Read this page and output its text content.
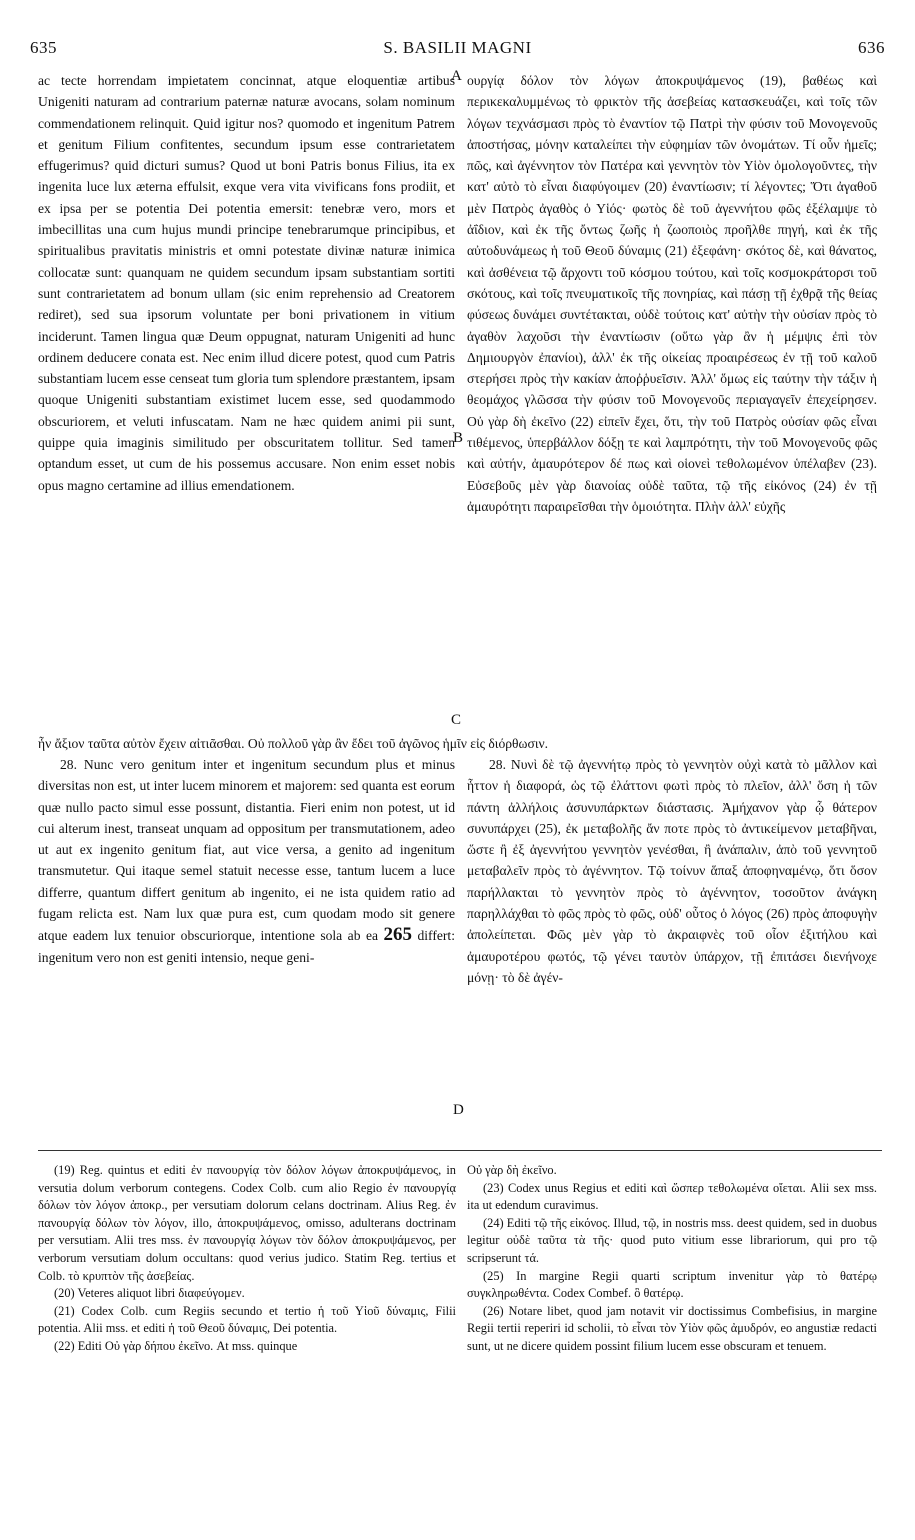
635	S. BASILII MAGNI	636
A
B
C
D

ac tecte horrendam impietatem concinnat, atque eloquentiæ artibus Unigeniti naturam ad contrarium paternæ naturæ avocans, solam nominum commendationem relinquit. Quid igitur nos? quomodo et ingenitum Patrem et genitum Filium confitentes, secundum ipsum esse contrarietatem effugerimus? quid dicturi sumus? Quod ut boni Patris bonus Filius, ita ex ingenita luce lux æterna effulsit, exque vera vita vivificans fons prodiit, et ex ipsa per se potentia Dei potentia emersit: tenebræ vero, mors et imbecillitas una cum hujus mundi principe tenebrarumque principibus, et spiritualibus pravitatis ministris et omni potestate divinæ naturæ inimica collocatæ sunt: quanquam ne quidem secundum ipsam substantiam sortiti sunt contrarietatem ad bonum ullam (sic enim reprehensio ad Creatorem rediret), sed sua ipsorum voluntate per boni privationem in vitium inciderunt. Tamen lingua quæ Deum oppugnat, naturam Unigeniti ad hunc ordinem deducere conata est. Nec enim illud dicere potest, quod cum Patris substantiam lucem esse censeat tum gloria tum splendore præstantem, ipsam quoque Unigeniti substantiam existimet lucem esse, sed quodammodo obscuriorem, et veluti infuscatam. Nam ne hæc quidem animi pii sunt, quippe quia imaginis similitudo per obscuritatem tollitur. Sed tamen optandum esset, ut cum de his possemus accusare. Non enim esset nobis opus magno certamine ad illius emendationem.

ουργίᾳ δόλον τὸν λόγων ἀποκρυψάμενος (19), βαθέως καὶ περικεκαλυμμένως τὸ φρικτὸν τῆς ἀσεβείας κατασκευάζει, καὶ τοῖς τῶν λόγων τεχνάσμασι πρὸς τὸ ἐναντίον τῷ Πατρὶ τὴν φύσιν τοῦ Μονογενοῦς ἀποστήσας, μόνην καταλείπει τὴν εὐφημίαν τῶν ὀνομάτων. Τί οὖν ἡμεῖς; πῶς, καὶ ἀγέννητον τὸν Πατέρα καὶ γεννητὸν τὸν Υἱὸν ὁμολογοῦντες, τὴν κατ' αὐτὸ τὸ εἶναι διαφύγοιμεν (20) ἐναντίωσιν; τί λέγοντες; Ὅτι ἀγαθοῦ μὲν Πατρὸς ἀγαθὸς ὁ Υἱός· φωτὸς δὲ τοῦ ἀγεννήτου φῶς ἐξέλαμψε τὸ ἀΐδιον, καὶ ἐκ τῆς ὄντως ζωῆς ἡ ζωοποιὸς προῆλθε πηγή, καὶ ἐκ τῆς αὐτοδυνάμεως ἡ τοῦ Θεοῦ δύναμις (21) ἐξεφάνη· σκότος δὲ, καὶ θάνατος, καὶ ἀσθένεια τῷ ἄρχοντι τοῦ κόσμου τούτου, καὶ τοῖς κοσμοκράτορσι τοῦ σκότους, καὶ τοῖς πνευματικοῖς τῆς πονηρίας, καὶ πάσῃ τῇ ἐχθρᾷ τῆς θείας φύσεως δυνάμει συντέτακται, οὐδὲ τούτοις κατ' αὐτὴν τὴν οὐσίαν πρὸς τὸ ἀγαθὸν λαχοῦσι τὴν ἐναντίωσιν (οὕτω γὰρ ἂν ἡ μέμψις ἐπὶ τὸν Δημιουργὸν ἐπανίοι), ἀλλ' ἐκ τῆς οἰκείας προαιρέσεως ἐν τῇ τοῦ καλοῦ στερήσει πρὸς τὴν κακίαν ἀποῤῥυεῖσιν. Ἀλλ' ὅμως εἰς ταύτην τὴν τάξιν ἡ θεομάχος γλῶσσα τὴν φύσιν τοῦ Μονογενοῦς περιαγαγεῖν ἐπεχείρησεν. Οὐ γὰρ δὴ ἐκεῖνο (22) εἰπεῖν ἔχει, ὅτι, τὴν τοῦ Πατρὸς οὐσίαν φῶς εἶναι τιθέμενος, ὑπερβάλλον δόξῃ τε καὶ λαμπρότητι, τὴν τοῦ Μονογενοῦς φῶς καὶ αὐτήν, ἀμαυρότερον δέ πως καὶ οἱονεὶ τεθολωμένον ὑπέλαβεν (23). Εὐσεβοῦς μὲν γὰρ διανοίας οὐδὲ ταῦτα, τῷ τῆς εἰκόνος (24) ἐν τῇ ἀμαυρότητι παραιρεῖσθαι τὴν ὁμοιότητα. Πλὴν ἀλλ' εὐχῆς

ἦν ἄξιον ταῦτα αὐτὸν ἔχειν αἰτιᾶσθαι. Οὐ πολλοῦ γὰρ ἂν ἔδει τοῦ ἀγῶνος ἡμῖν εἰς διόρθωσιν.

28. Nunc vero genitum inter et ingenitum secundum plus et minus diversitas non est, ut inter lucem minorem et majorem: sed quanta est eorum quæ nullo pacto simul esse possunt, distantia. Fieri enim non potest, ut id cui alterum inest, transeat unquam ad oppositum per transmutationem, adeo ut aut ex ingenito genitum fiat, aut vice versa, a genito ad ingenitum transmutetur. Qui itaque semel statuit necesse esse, tantum lucem a luce differre, quantum differt genitum ab ingenito, ei ne ista quidem ratio ad fugam relicta est. Nam lux quæ pura est, cum quodam modo sit genere atque eadem lux tenuior obscuriorque, intentione sola ab ea 265 differt: ingenitum vero non est geniti intensio, neque geni-

28. Νυνὶ δὲ τῷ ἀγεννήτῳ πρὸς τὸ γεννητὸν οὐχὶ κατὰ τὸ μᾶλλον καὶ ἧττον ἡ διαφορά, ὡς τῷ ἐλάττονι φωτὶ πρὸς τὸ πλεῖον, ἀλλ' ὅση ἡ τῶν πάντη ἀλλήλοις ἀσυνυπάρκτων διάστασις. Ἀμήχανον γὰρ ᾧ θάτερον συνυπάρχει (25), ἐκ μεταβολῆς ἄν ποτε πρὸς τὸ ἀντικείμενον μεταβῆναι, ὥστε ἢ ἐξ ἀγεννήτου γεννητὸν γενέσθαι, ἢ ἀνάπαλιν, ἀπὸ τοῦ γεννητοῦ μεταβαλεῖν πρὸς τὸ ἀγέννητον. Τῷ τοίνυν ἅπαξ ἀποφηναμένῳ, ὅτι ὅσον παρήλλακται τὸ γεννητὸν πρὸς τὸ ἀγέννητον, τοσοῦτον ἀνάγκη παρηλλάχθαι τὸ φῶς πρὸς τὸ φῶς, οὐδ' οὗτος ὁ λόγος (26) πρὸς ἀποφυγὴν ἀπολείπεται. Φῶς μὲν γὰρ τὸ ἀκραιφνὲς τοῦ οἷον ἐξιτήλου καὶ ἀμαυροτέρου φωτός, τῷ γένει ταυτὸν ὑπάρχον, τῇ ἐπιτάσει διενήνοχε μόνῃ· τὸ δὲ ἀγέν-

(19) Reg. quintus et editi ἐν πανουργίᾳ τὸν δόλον λόγων ἀποκρυψάμενος, in versutia dolum verborum contegens. Codex Colb. cum alio Regio ἐν πανουργίᾳ δόλων τὸν λόγον ἀποκρ., per versutiam dolorum celans doctrinam. Alius Reg. ἐν πανουργίᾳ δόλων τὸν λόγον, illo, ἀποκρυψάμενος, omisso, adulterans doctrinam per versutiam. Alii tres mss. ἐν πανουργίᾳ λόγων τὸν δόλον ἀποκρυψάμενος, per verborum versutiam dolum occultans: quod verius judico. Statim Reg. tertius et Colb. τὸ κρυπτὸν τῆς ἀσεβείας.

(20) Veteres aliquot libri διαφεύγομεν.

(21) Codex Colb. cum Regiis secundo et tertio ἡ τοῦ Υἱοῦ δύναμις, Filii potentia. Alii mss. et editi ἡ τοῦ Θεοῦ δύναμις, Dei potentia.

(22) Editi Οὐ γὰρ δήπου ἐκεῖνο. At mss. quinque

Οὐ γὰρ δὴ ἐκεῖνο.

(23) Codex unus Regius et editi καὶ ὥσπερ τεθολωμένα οἴεται. Alii sex mss. ita ut edendum curavimus.

(24) Editi τῷ τῆς εἰκόνος. Illud, τῷ, in nostris mss. deest quidem, sed in duobus legitur οὐδὲ ταῦτα τὰ τῆς· quod puto vitium esse librariorum, qui pro τῷ scripserunt τά.

(25) In margine Regii quarti scriptum invenitur γὰρ τὸ θατέρῳ συγκληρωθέντα. Codex Combef. ὃ θατέρῳ.

(26) Notare libet, quod jam notavit vir doctissimus Combefisius, in margine Regii tertii reperiri id scholii, τὸ εἶναι τὸν Υἱὸν φῶς ἀμυδρόν, eo angustiæ redacti sunt, ut ne dicere quidem possint filium lucem esse obscuram et tenuem.
